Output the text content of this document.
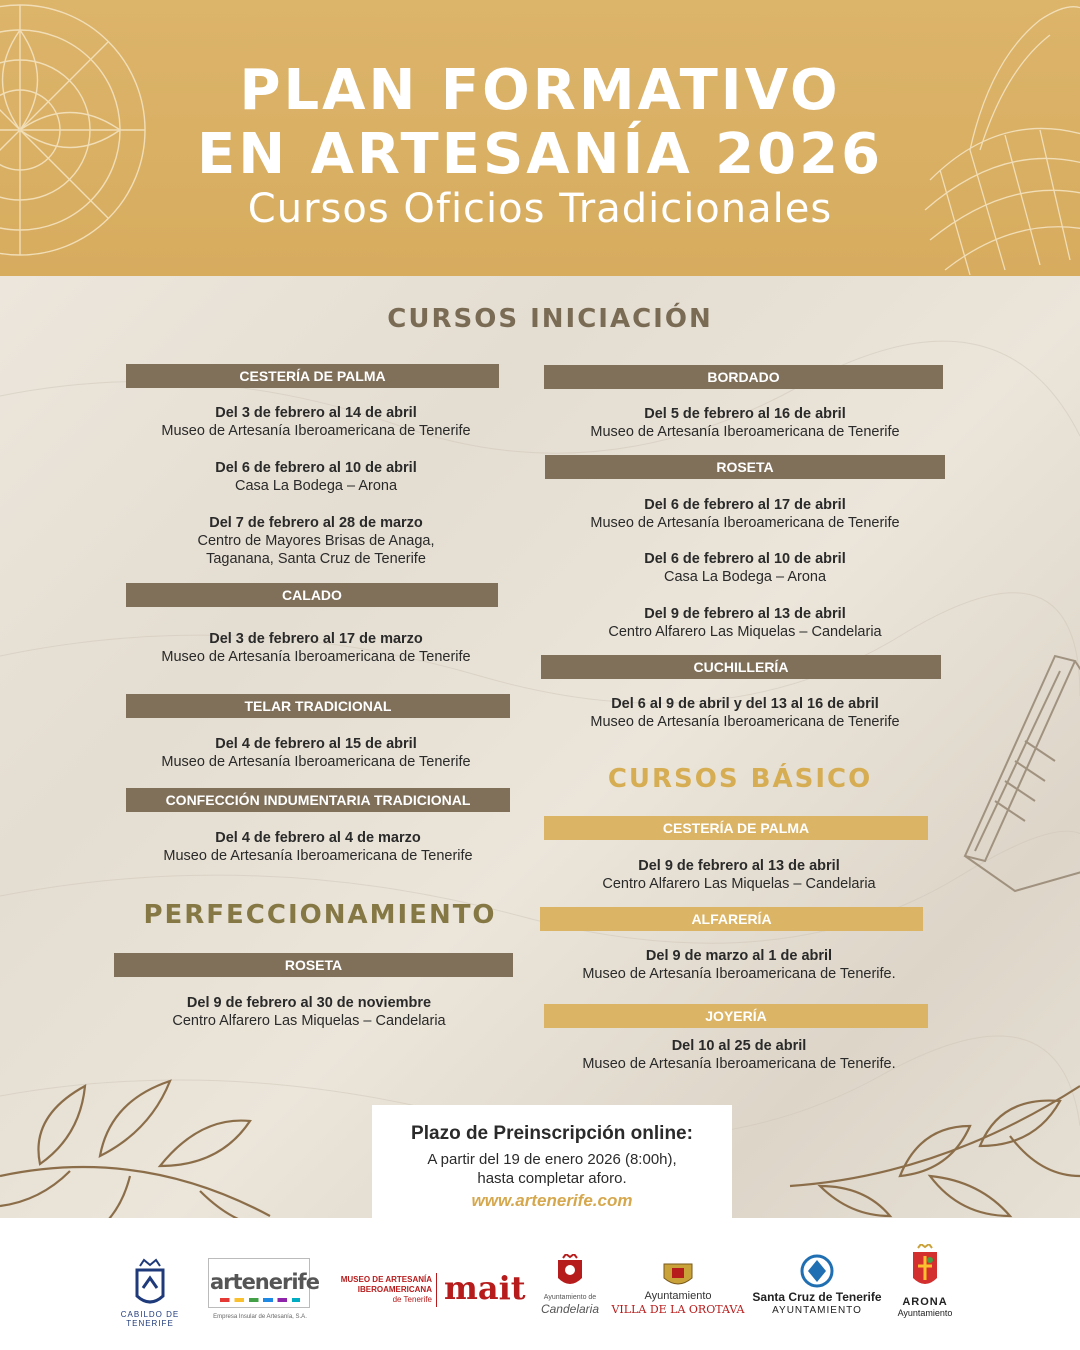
PLAN FORMATIVO
EN ARTESANÍA 2026
Cursos Oficios Tradicionales
CURSOS INICIACIÓN
CESTERÍA DE PALMA
Del 3 de febrero al 14 de abril
Museo de Artesanía Iberoamericana de Tenerife
Del 6 de febrero al 10 de abril
Casa La Bodega – Arona
Del 7 de febrero al 28 de marzo
Centro de Mayores Brisas de Anaga,
Taganana, Santa Cruz de Tenerife
CALADO
Del 3 de febrero al 17 de marzo
Museo de Artesanía Iberoamericana de Tenerife
TELAR TRADICIONAL
Del 4 de febrero al 15 de abril
Museo de Artesanía Iberoamericana de Tenerife
CONFECCIÓN INDUMENTARIA TRADICIONAL
Del 4 de febrero al 4 de marzo
Museo de Artesanía Iberoamericana de Tenerife
BORDADO
Del 5 de febrero al 16 de abril
Museo de Artesanía Iberoamericana de Tenerife
ROSETA
Del 6 de febrero al 17 de abril
Museo de Artesanía Iberoamericana de Tenerife
Del 6 de febrero al 10 de abril
Casa La Bodega – Arona
Del 9 de febrero al 13 de abril
Centro Alfarero Las Miquelas – Candelaria
CUCHILLERÍA
Del 6 al 9 de abril y del 13 al 16 de abril
Museo de Artesanía Iberoamericana de Tenerife
CURSOS BÁSICO
CESTERÍA DE PALMA
Del 9 de febrero al 13 de abril
Centro Alfarero Las Miquelas – Candelaria
ALFARERÍA
Del 9 de marzo al 1 de abril
Museo de Artesanía Iberoamericana de Tenerife.
JOYERÍA
Del 10 al 25 de abril
Museo de Artesanía Iberoamericana de Tenerife.
PERFECCIONAMIENTO
ROSETA
Del 9 de febrero al 30 de noviembre
Centro Alfarero Las Miquelas – Candelaria
Plazo de Preinscripción online:
A partir del 19 de enero 2026 (8:00h),
hasta completar aforo.
www.artenerife.com
CABILDO DE TENERIFE
artenerife
Empresa Insular de Artesanía, S.A.
MUSEO DE ARTESANÍA
IBEROAMERICANA
de Tenerife mait	Ayuntamiento de
Candelaria
Ayuntamiento
VILLA DE LA OROTAVA
Santa Cruz de Tenerife
AYUNTAMIENTO
ARONA
Ayuntamiento
